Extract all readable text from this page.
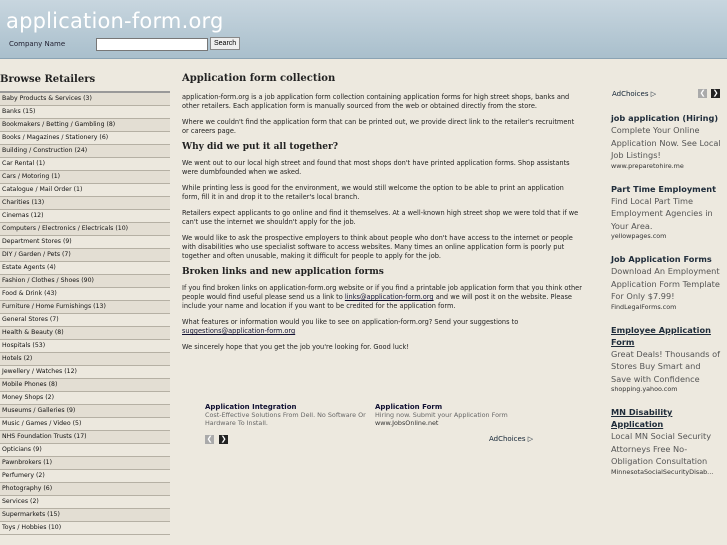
application-form.org
Company Name	Search
Browse Retailers
Baby Products & Services (3)
Banks (15)
Bookmakers / Betting / Gambling (8)
Books / Magazines / Stationery (6)
Building / Construction (24)
Car Rental (1)
Cars / Motoring (1)
Catalogue / Mail Order (1)
Charities (13)
Cinemas (12)
Computers / Electronics / Electricals (10)
Department Stores (9)
DIY / Garden / Pets (7)
Estate Agents (4)
Fashion / Clothes / Shoes (90)
Food & Drink (43)
Furniture / Home Furnishings (13)
General Stores (7)
Health & Beauty (8)
Hospitals (53)
Hotels (2)
Jewellery / Watches (12)
Mobile Phones (8)
Money Shops (2)
Museums / Galleries (9)
Music / Games / Video (5)
NHS Foundation Trusts (17)
Opticians (9)
Pawnbrokers (1)
Perfumery (2)
Photography (6)
Services (2)
Supermarkets (15)
Toys / Hobbies (10)
Application form collection

application-form.org is a job application form collection containing application forms for high street shops, banks and other retailers. Each application form is manually sourced from the web or obtained directly from the store.

Where we couldn't find the application form that can be printed out, we provide direct link to the retailer's recruitment or careers page.

Why did we put it all together?

We went out to our local high street and found that most shops don't have printed application forms. Shop assistants were dumbfounded when we asked.

While printing less is good for the environment, we would still welcome the option to be able to print an application form, fill it in and drop it to the retailer's local branch.

Retailers expect applicants to go online and find it themselves. At a well-known high street shop we were told that if we can't use the internet we shouldn't apply for the job.

We would like to ask the prospective employers to think about people who don't have access to the internet or people with disabilities who use specialist software to access websites. Many times an online application form is poorly put together and often unusable, making it difficult for people to apply for the job.

Broken links and new application forms

If you find broken links on application-form.org website or if you find a printable job application form that you think other people would find useful please send us a link to links@application-form.org and we will post it on the website. Please include your name and location if you want to be credited for the application form.

What features or information would you like to see on application-form.org? Send your suggestions to suggestions@application-form.org

We sincerely hope that you get the job you're looking for. Good luck!

Application Integration
Cost-Effective Solutions From Dell. No Software Or Hardware To Install.
Application Form
Hiring now. Submit your Application Form
www.JobsOnline.net
❮ ❯	AdChoices ▷
AdChoices ▷	❮ ❯
job application (Hiring)
Complete Your Online Application Now. See Local Job Listings!
www.preparetohire.me
Part Time Employment
Find Local Part Time Employment Agencies in Your Area.
yellowpages.com
Job Application Forms
Download An Employment Application Form Template For Only $7.99!
FindLegalForms.com
Employee Application Form
Great Deals! Thousands of Stores Buy Smart and Save with Confidence
shopping.yahoo.com
MN Disability Application
Local MN Social Security Attorneys Free No-Obligation Consultation
MinnesotaSocialSecurityDisab...
